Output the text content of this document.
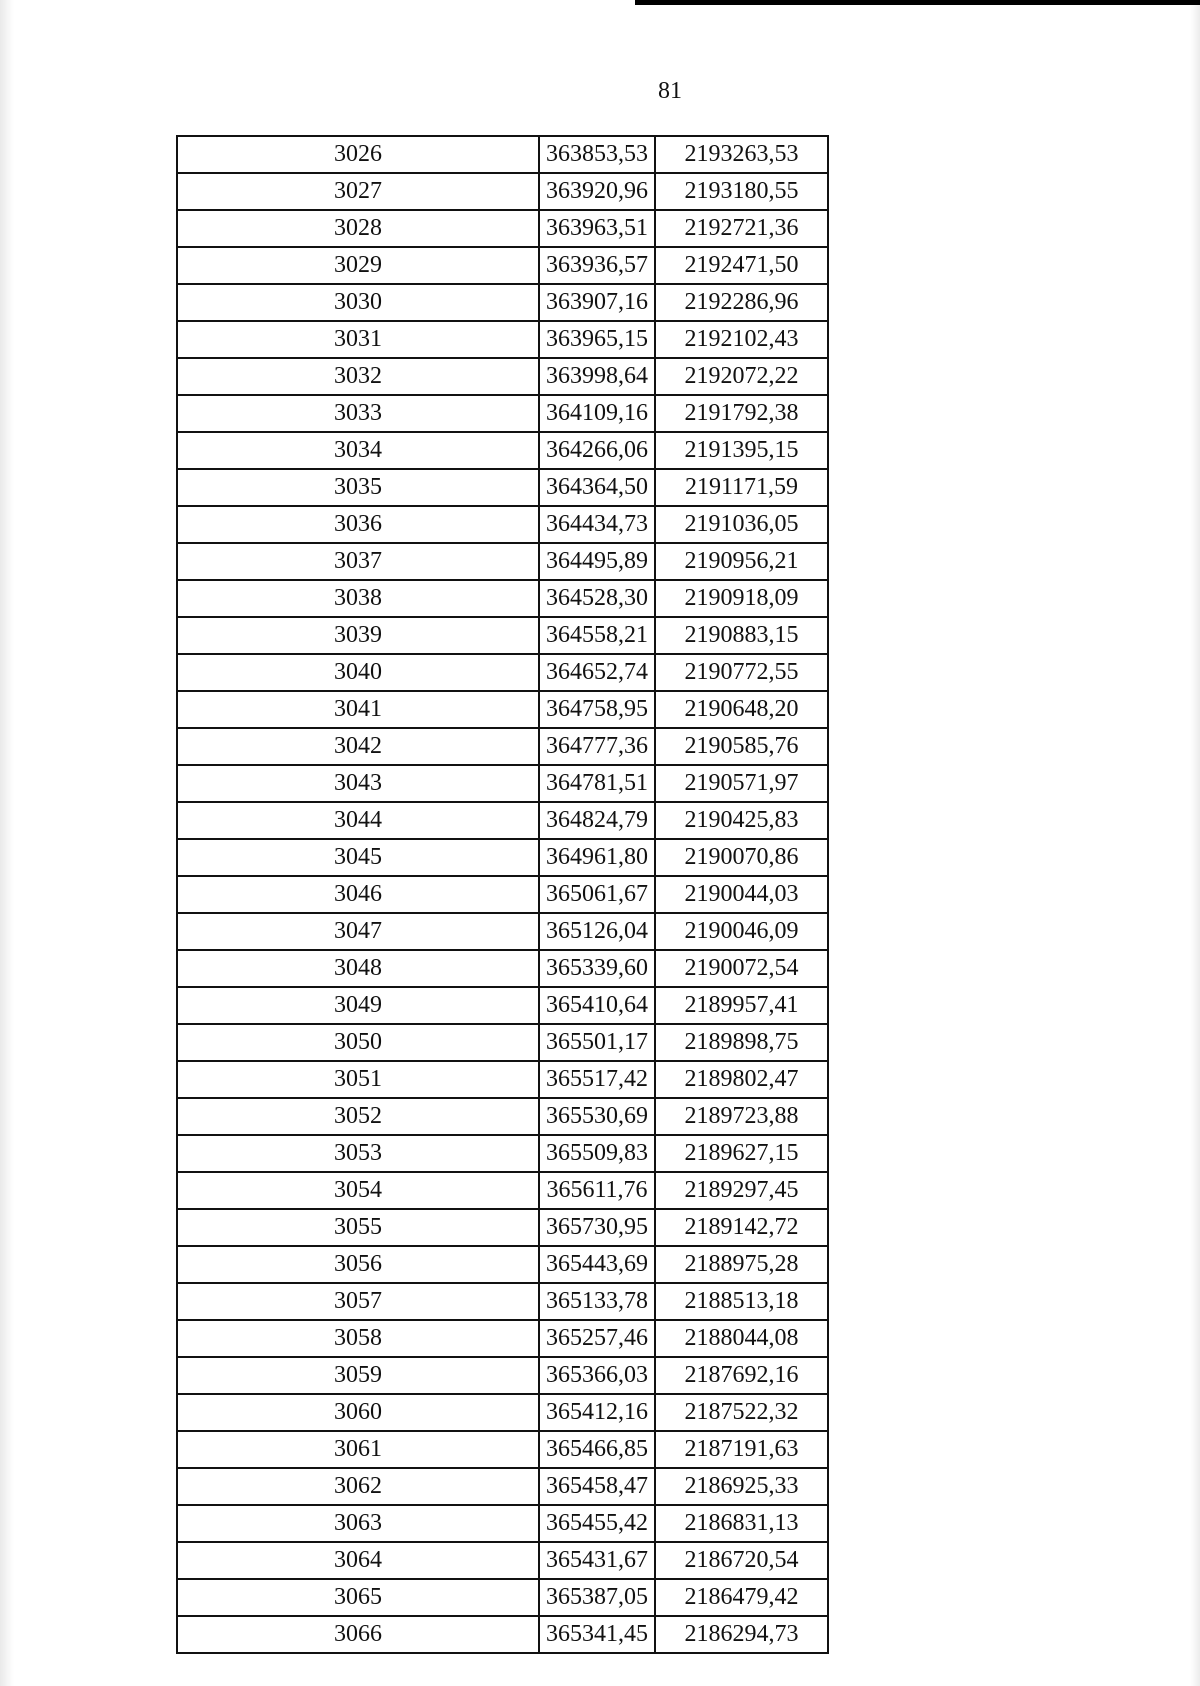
81
3026	363853,53	2193263,53
3027	363920,96	2193180,55
3028	363963,51	2192721,36
3029	363936,57	2192471,50
3030	363907,16	2192286,96
3031	363965,15	2192102,43
3032	363998,64	2192072,22
3033	364109,16	2191792,38
3034	364266,06	2191395,15
3035	364364,50	2191171,59
3036	364434,73	2191036,05
3037	364495,89	2190956,21
3038	364528,30	2190918,09
3039	364558,21	2190883,15
3040	364652,74	2190772,55
3041	364758,95	2190648,20
3042	364777,36	2190585,76
3043	364781,51	2190571,97
3044	364824,79	2190425,83
3045	364961,80	2190070,86
3046	365061,67	2190044,03
3047	365126,04	2190046,09
3048	365339,60	2190072,54
3049	365410,64	2189957,41
3050	365501,17	2189898,75
3051	365517,42	2189802,47
3052	365530,69	2189723,88
3053	365509,83	2189627,15
3054	365611,76	2189297,45
3055	365730,95	2189142,72
3056	365443,69	2188975,28
3057	365133,78	2188513,18
3058	365257,46	2188044,08
3059	365366,03	2187692,16
3060	365412,16	2187522,32
3061	365466,85	2187191,63
3062	365458,47	2186925,33
3063	365455,42	2186831,13
3064	365431,67	2186720,54
3065	365387,05	2186479,42
3066	365341,45	2186294,73
